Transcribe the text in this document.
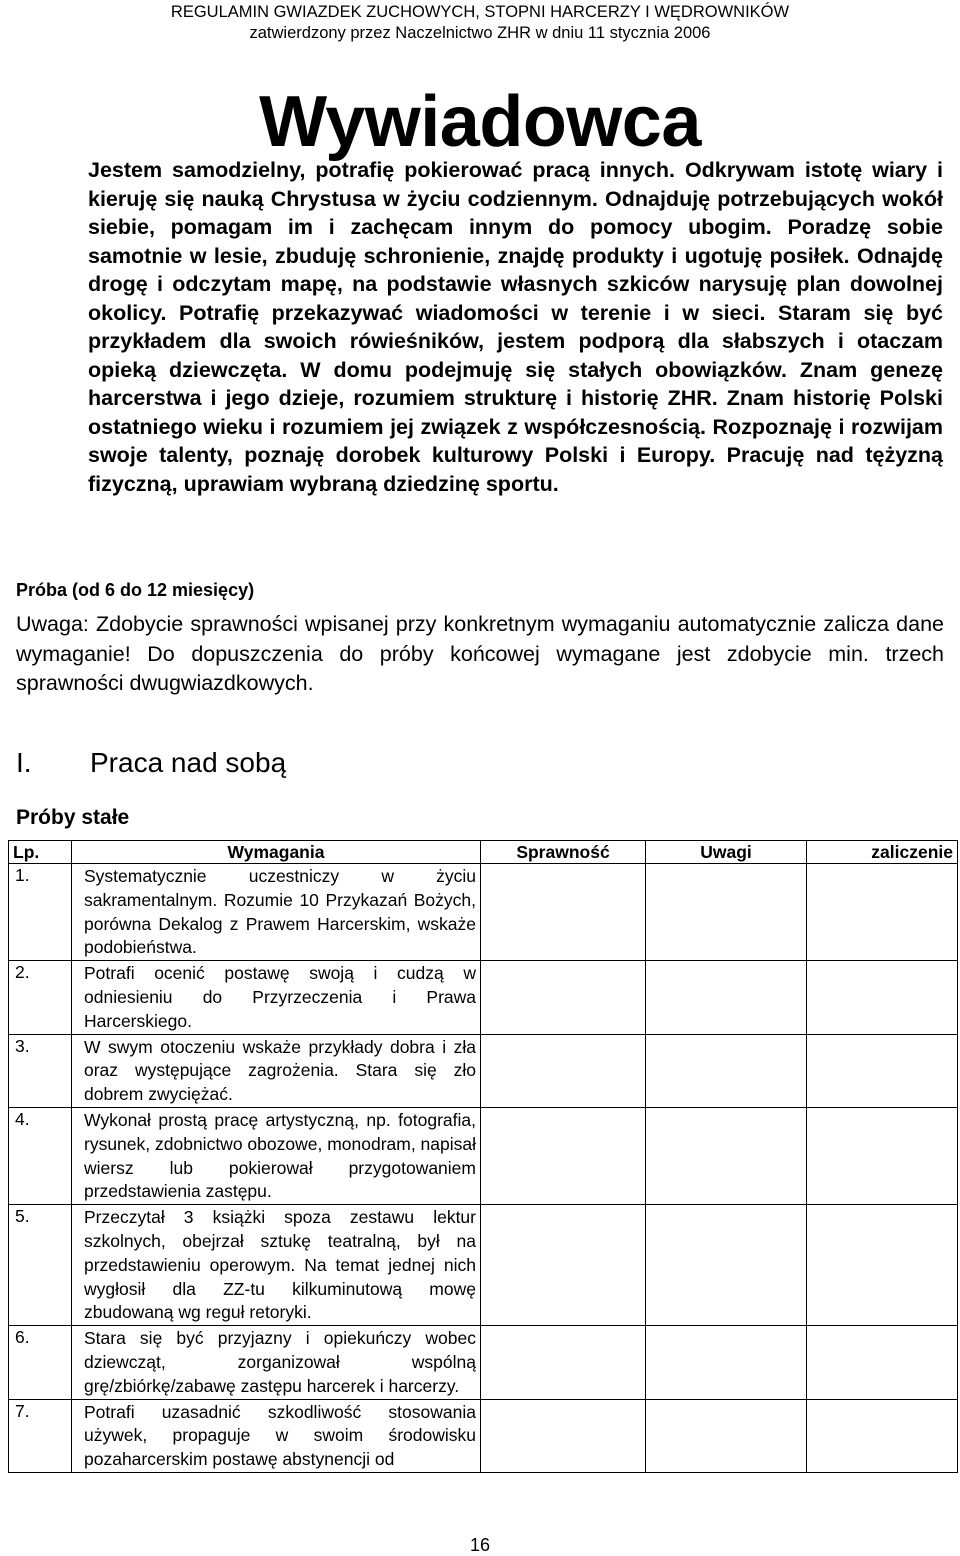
REGULAMIN GWIAZDEK ZUCHOWYCH, STOPNI HARCERZY I WĘDROWNIKÓW
zatwierdzony przez Naczelnictwo ZHR w dniu 11 stycznia 2006
Wywiadowca

Jestem samodzielny, potrafię pokierować pracą innych. Odkrywam istotę wiary i kieruję się nauką Chrystusa w życiu codziennym. Odnajduję potrzebujących wokół siebie, pomagam im i zachęcam innym do pomocy ubogim. Poradzę sobie samotnie w lesie, zbuduję schronienie, znajdę produkty i ugotuję posiłek. Odnajdę drogę i odczytam mapę, na podstawie własnych szkiców narysuję plan dowolnej okolicy. Potrafię przekazywać wiadomości w terenie i w sieci. Staram się być przykładem dla swoich rówieśników, jestem podporą dla słabszych i otaczam opieką dziewczęta. W domu podejmuję się stałych obowiązków. Znam genezę harcerstwa i jego dzieje, rozumiem strukturę i historię ZHR. Znam historię Polski ostatniego wieku i rozumiem jej związek z współczesnością. Rozpoznaję i rozwijam swoje talenty, poznaję dorobek kulturowy Polski i Europy. Pracuję nad tężyzną fizyczną, uprawiam wybraną dziedzinę sportu.

Próba (od 6 do 12 miesięcy)

Uwaga: Zdobycie sprawności wpisanej przy konkretnym wymaganiu automatycznie zalicza dane wymaganie! Do dopuszczenia do próby końcowej wymagane jest zdobycie min. trzech sprawności dwugwiazdkowych.

I. Praca nad sobą
Próby stałe
Lp.	Wymagania	Sprawność	Uwagi	zaliczenie
1.	Systematycznie uczestniczy w życiu sakramentalnym. Rozumie 10 Przykazań Bożych, porówna Dekalog z Prawem Harcerskim, wskaże podobieństwa.			
2.	Potrafi ocenić postawę swoją i cudzą w odniesieniu do Przyrzeczenia i Prawa Harcerskiego.			
3.	W swym otoczeniu wskaże przykłady dobra i zła oraz występujące zagrożenia. Stara się zło dobrem zwyciężać.			
4.	Wykonał prostą pracę artystyczną, np. fotografia, rysunek, zdobnictwo obozowe, monodram, napisał wiersz lub pokierował przygotowaniem przedstawienia zastępu.			
5.	Przeczytał 3 książki spoza zestawu lektur szkolnych, obejrzał sztukę teatralną, był na przedstawieniu operowym. Na temat jednej nich wygłosił dla ZZ-tu kilkuminutową mowę zbudowaną wg reguł retoryki.			
6.	Stara się być przyjazny i opiekuńczy wobec dziewcząt, zorganizował wspólną grę/zbiórkę/zabawę zastępu harcerek i harcerzy.			
7.	Potrafi uzasadnić szkodliwość stosowania używek, propaguje w swoim środowisku pozaharcerskim postawę abstynencji od			
16
